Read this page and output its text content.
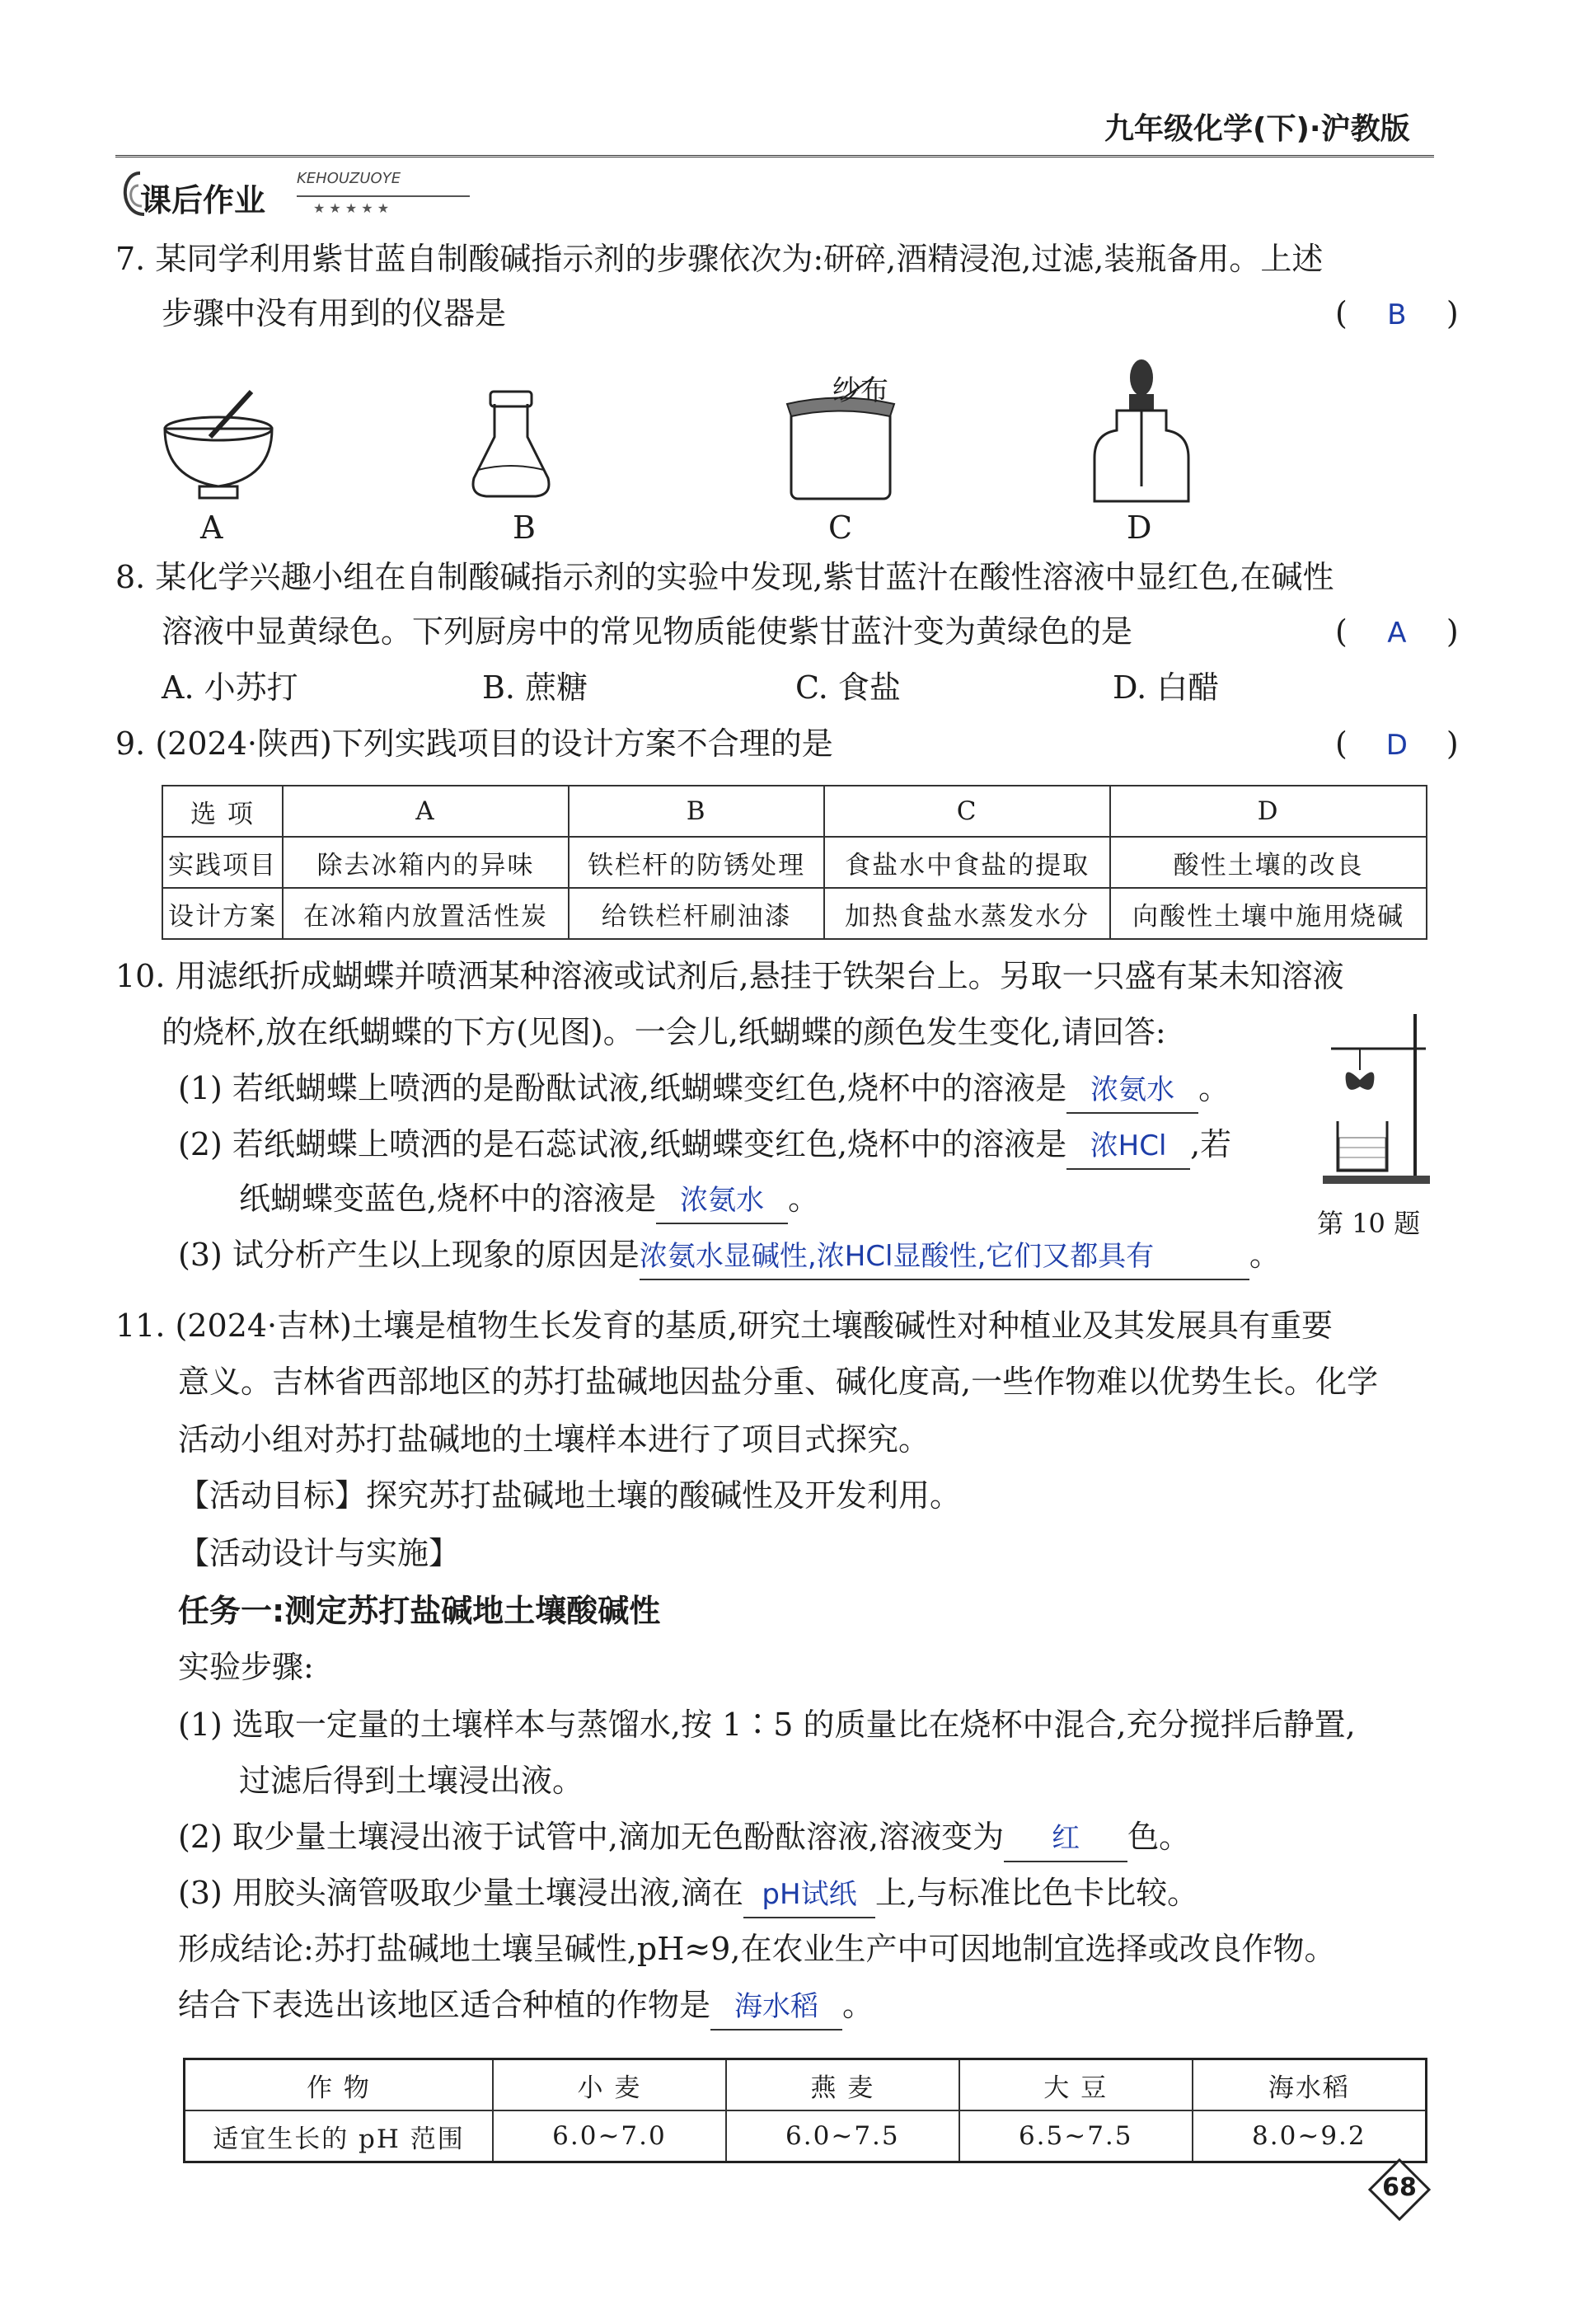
九年级化学(下)·沪教版
★ ★ ★ ★ ★
课后作业
KEHOUZUOYE
7. 某同学利用紫甘蓝自制酸碱指示剂的步骤依次为:研碎,酒精浸泡,过滤,装瓶备用。上述
步骤中没有用到的仪器是	( B )
纱布
A	B	C	D
8. 某化学兴趣小组在自制酸碱指示剂的实验中发现,紫甘蓝汁在酸性溶液中显红色,在碱性
溶液中显黄绿色。下列厨房中的常见物质能使紫甘蓝汁变为黄绿色的是	( A )
A. 小苏打	B. 蔗糖	C. 食盐	D. 白醋
9. (2024·陕西)下列实践项目的设计方案不合理的是	( D )
选 项	A	B	C	D
实践项目	除去冰箱内的异味	铁栏杆的防锈处理	食盐水中食盐的提取	酸性土壤的改良
设计方案	在冰箱内放置活性炭	给铁栏杆刷油漆	加热食盐水蒸发水分	向酸性土壤中施用烧碱
10. 用滤纸折成蝴蝶并喷洒某种溶液或试剂后,悬挂于铁架台上。另取一只盛有某未知溶液
的烧杯,放在纸蝴蝶的下方(见图)。一会儿,纸蝴蝶的颜色发生变化,请回答:
(1) 若纸蝴蝶上喷洒的是酚酞试液,纸蝴蝶变红色,烧杯中的溶液是 浓氨水 。
(2) 若纸蝴蝶上喷洒的是石蕊试液,纸蝴蝶变红色,烧杯中的溶液是 浓HCl ,若
纸蝴蝶变蓝色,烧杯中的溶液是 浓氨水 。
(3) 试分析产生以上现象的原因是浓氨水显碱性,浓HCl显酸性,它们又都具有	。
第 10 题
11. (2024·吉林)土壤是植物生长发育的基质,研究土壤酸碱性对种植业及其发展具有重要
意义。吉林省西部地区的苏打盐碱地因盐分重、碱化度高,一些作物难以优势生长。化学
活动小组对苏打盐碱地的土壤样本进行了项目式探究。
【活动目标】探究苏打盐碱地土壤的酸碱性及开发利用。
【活动设计与实施】
任务一:测定苏打盐碱地土壤酸碱性
实验步骤:
(1) 选取一定量的土壤样本与蒸馏水,按 1∶5 的质量比在烧杯中混合,充分搅拌后静置,
过滤后得到土壤浸出液。
(2) 取少量土壤浸出液于试管中,滴加无色酚酞溶液,溶液变为 红 色。
(3) 用胶头滴管吸取少量土壤浸出液,滴在 pH试纸 上,与标准比色卡比较。
形成结论:苏打盐碱地土壤呈碱性,pH≈9,在农业生产中可因地制宜选择或改良作物。
结合下表选出该地区适合种植的作物是 海水稻 。
作 物	小 麦	燕 麦	大 豆	海水稻
适宜生长的 pH 范围	6.0~7.0	6.0~7.5	6.5~7.5	8.0~9.2
68
